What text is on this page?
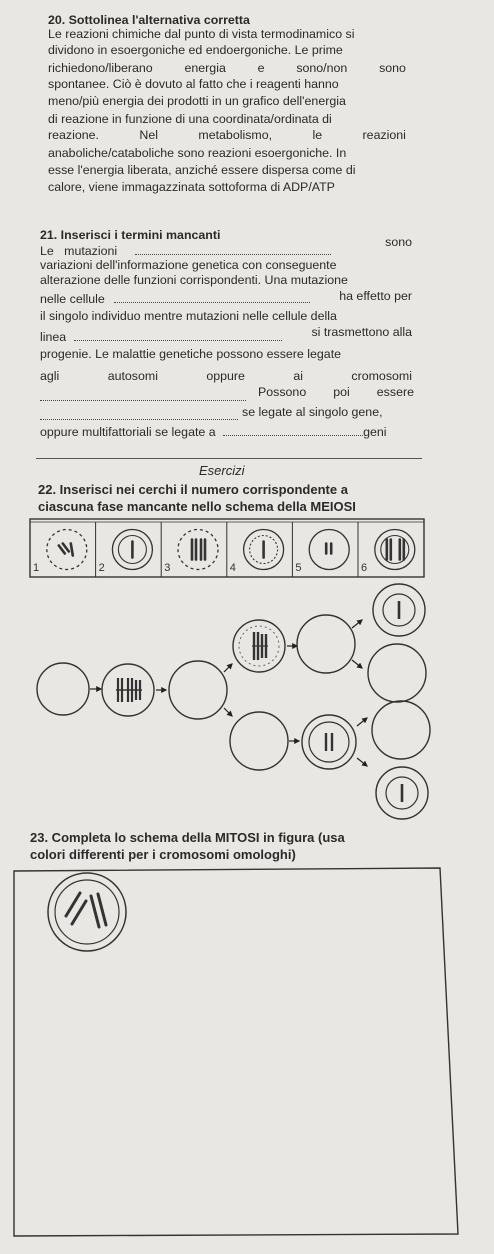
20. Sottolinea l'alternativa corretta
Le reazioni chimiche dal punto di vista termodinamico si
dividono in esoergoniche ed endoergoniche. Le prime
richiedono/liberano	energia	e	sono/non	sono
spontanee. Ciò è dovuto al fatto che i reagenti hanno
meno/più energia dei prodotti in un grafico dell'energia
di reazione in funzione di una coordinata/ordinata di
reazione.	Nel	metabolismo,	le	reazioni
anaboliche/cataboliche sono reazioni esoergoniche. In
esse l'energia liberata, anziché essere dispersa come di
calore, viene immagazzinata sottoforma di ADP/ATP
21. Inserisci i termini mancanti
Le mutazioni
sono
variazioni dell'informazione genetica con conseguente
alterazione delle funzioni corrispondenti. Una mutazione
nelle cellule	ha effetto per
il singolo individuo mentre mutazioni nelle cellule della
linea	si trasmettono alla
progenie. Le malattie genetiche possono essere legate
agli	autosomi	oppure	ai	cromosomi
Possono poi essere
se legate al singolo gene,
oppure multifattoriali se legate a	geni
Esercizi
22. Inserisci nei cerchi il numero corrispondente a
ciascuna fase mancante nello schema della MEIOSI
1	2	3	4	5	6
23. Completa lo schema della MITOSI in figura (usa
colori differenti per i cromosomi omologhi)
